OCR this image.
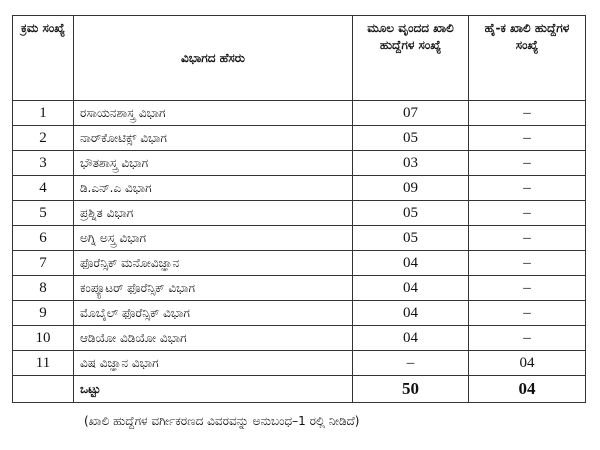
ಕ್ರಮ ಸಂಖ್ಯೆ	ವಿಭಾಗದ ಹೆಸರು	ಮೂಲ ವೃಂದದ ಖಾಲಿ ಹುದ್ದೆಗಳ ಸಂಖ್ಯೆ	ಹೈ-ಕ ಖಾಲಿ ಹುದ್ದೆಗಳ ಸಂಖ್ಯೆ
1	ರಸಾಯನಶಾಸ್ತ್ರ ವಿಭಾಗ	07	–
2	ನಾರ್‌ಕೋಟಿಕ್ಸ್ ವಿಭಾಗ	05	–
3	ಭೌತಶಾಸ್ತ್ರ ವಿಭಾಗ	03	–
4	ಡಿ.ಎನ್.ಎ ವಿಭಾಗ	09	–
5	ಪ್ರಶ್ನಿತ ವಿಭಾಗ	05	–
6	ಅಗ್ನಿ ಅಸ್ತ್ರ ವಿಭಾಗ	05	–
7	ಫೊರೆನ್ಸಿಕ್ ಮನೋವಿಜ್ಞಾನ	04	–
8	ಕಂಪ್ಯೂಟರ್ ಫೊರೆನ್ಸಿಕ್ ವಿಭಾಗ	04	–
9	ಮೊಬೈಲ್ ಫೊರೆನ್ಸಿಕ್ ವಿಭಾಗ	04	–
10	ಆಡಿಯೋ ವಿಡಿಯೋ ವಿಭಾಗ	04	–
11	ವಿಷ ವಿಜ್ಞಾನ ವಿಭಾಗ	–	04
	ಒಟ್ಟು	50	04
(ಖಾಲಿ ಹುದ್ದೆಗಳ ವರ್ಗೀಕರಣದ ವಿವರವನ್ನು ಅನುಬಂಧ–1 ರಲ್ಲಿ ನೀಡಿದೆ)
